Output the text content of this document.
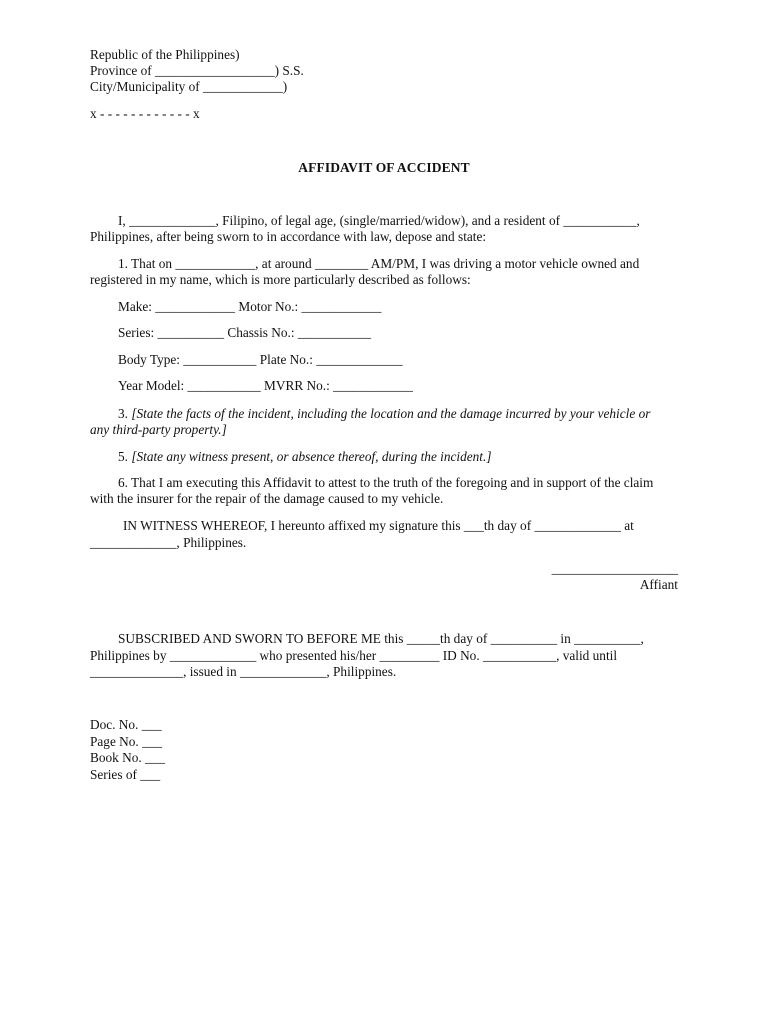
Republic of the Philippines)
Province of __________________) S.S.
City/Municipality of ____________)
x - - - - - - - - - - - - x
AFFIDAVIT OF ACCIDENT
I, _____________, Filipino, of legal age, (single/married/widow), and a resident of ___________,
Philippines, after being sworn to in accordance with law, depose and state:
1. That on ____________, at around ________ AM/PM, I was driving a motor vehicle owned and
registered in my name, which is more particularly described as follows:
Make: ____________ Motor No.: ____________
Series: __________ Chassis No.: ___________
Body Type: ___________ Plate No.: _____________
Year Model: ___________ MVRR No.: ____________
3. [State the facts of the incident, including the location and the damage incurred by your vehicle or
any third-party property.]
5. [State any witness present, or absence thereof, during the incident.]
6. That I am executing this Affidavit to attest to the truth of the foregoing and in support of the claim
with the insurer for the repair of the damage caused to my vehicle.
IN WITNESS WHEREOF, I hereunto affixed my signature this ___th day of _____________ at
_____________, Philippines.
___________________
Affiant
SUBSCRIBED AND SWORN TO BEFORE ME this _____th day of __________ in __________,
Philippines by _____________ who presented his/her _________ ID No. ___________, valid until
______________, issued in _____________, Philippines.
Doc. No. ___
Page No. ___
Book No. ___
Series of ___
